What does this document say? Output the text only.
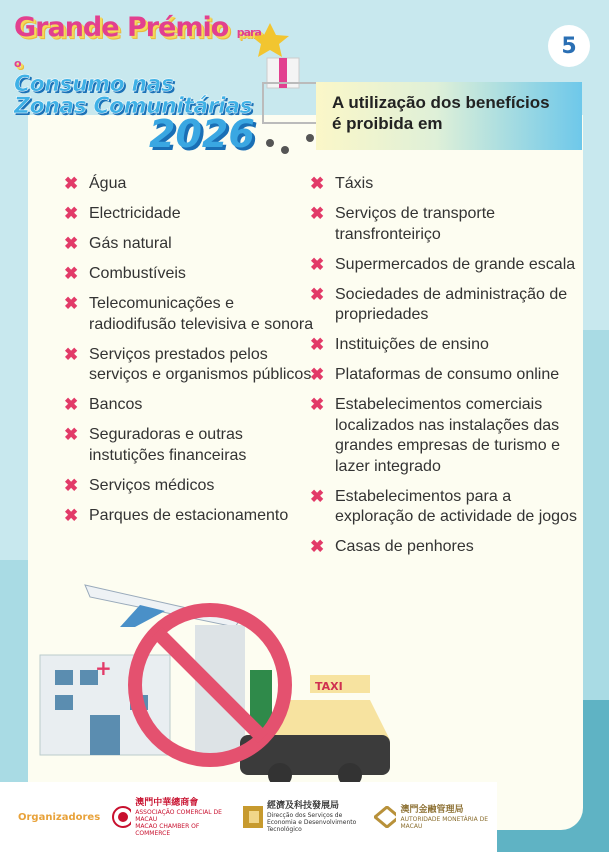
Grande Prémio para o
Consumo nas
Zonas Comunitárias
2026
5
A utilização dos benefícios
é proibida em
✖ Água
✖ Electricidade
✖ Gás natural
✖ Combustíveis
✖ Telecomunicações e radiodifusão televisiva e sonora
✖ Serviços prestados pelos serviços e organismos públicos
✖ Bancos
✖ Seguradoras e outras instutições financeiras
✖ Serviços médicos
✖ Parques de estacionamento
✖ Táxis
✖ Serviços de transporte transfronteiriço
✖ Supermercados de grande escala
✖ Sociedades de administração de propriedades
✖ Instituições de ensino
✖ Plataformas de consumo online
✖ Estabelecimentos comerciais localizados nas instalações das grandes empresas de turismo e lazer integrado
✖ Estabelecimentos para a exploração de actividade de jogos
✖ Casas de penhores
+
TAXI
Organizadores
澳門中華總商會
ASSOCIAÇÃO COMERCIAL DE MACAU
MACAO CHAMBER OF COMMERCE
經濟及科技發展局
Direcção dos Serviços de Economia e Desenvolvimento Tecnológico
澳門金融管理局
AUTORIDADE MONETÁRIA DE MACAU
